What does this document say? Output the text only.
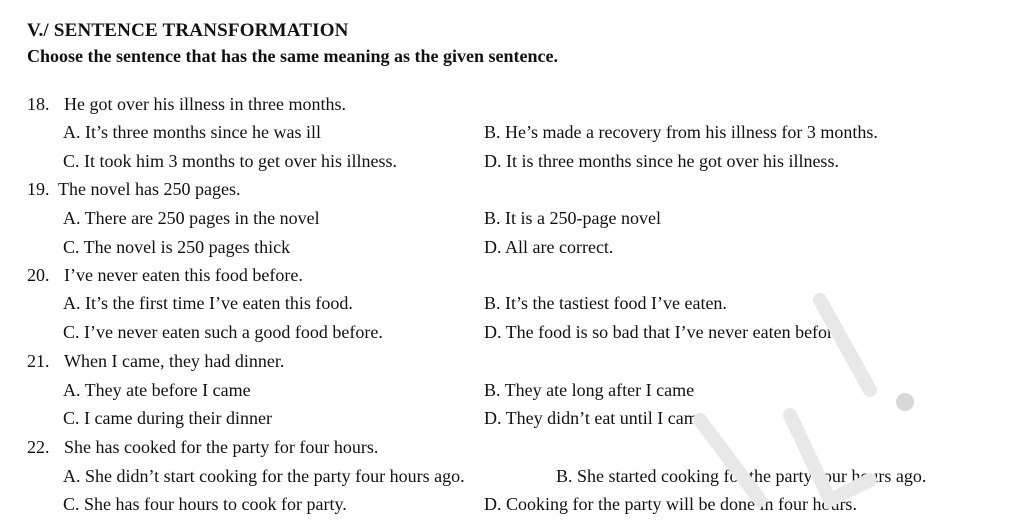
V./ SENTENCE TRANSFORMATION
Choose the sentence that has the same meaning as the given sentence.
18. He got over his illness in three months.
A. It’s three months since he was ill	B. He’s made a recovery from his illness for 3 months.
C. It took him 3 months to get over his illness.	D. It is three months since he got over his illness.
19. The novel has 250 pages.
A. There are 250 pages in the novel	B. It is a 250-page novel
C. The novel is 250 pages thick	D. All are correct.
20. I’ve never eaten this food before.
A. It’s the first time I’ve eaten this food.	B. It’s the tastiest food I’ve eaten.
C. I’ve never eaten such a good food before.	D. The food is so bad that I’ve never eaten before.
21. When I came, they had dinner.
A. They ate before I came	B. They ate long after I came
C. I came during their dinner	D. They didn’t eat until I came.
22. She has cooked for the party for four hours.
A. She didn’t start cooking for the party four hours ago.	B. She started cooking for the party four hours ago.
C. She has four hours to cook for party.	D. Cooking for the party will be done in four hours.
